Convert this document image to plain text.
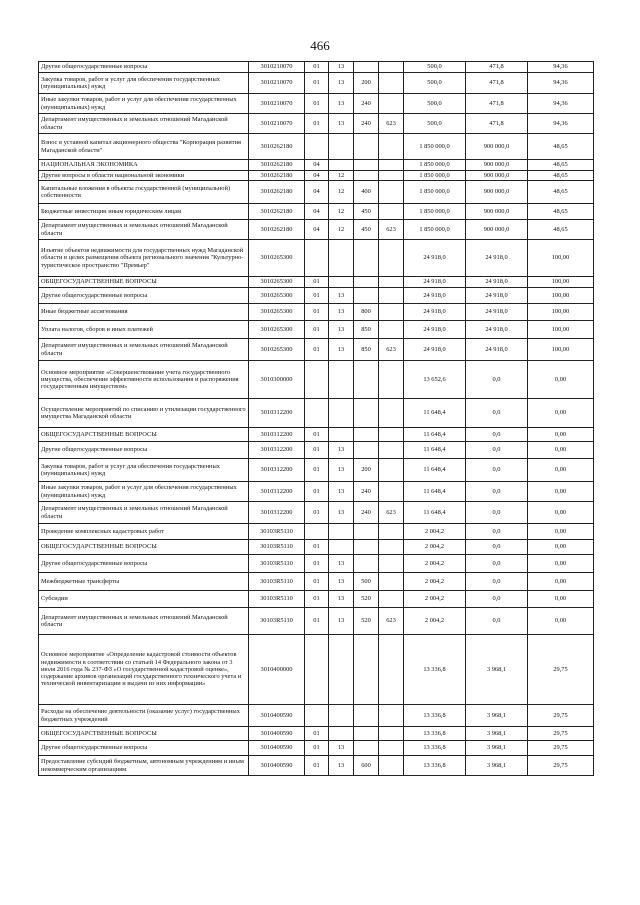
466
Другие общегосударственные вопросы	3010210070	01	13			500,0	471,8	94,36
Закупка товаров, работ и услуг для обеспечения государственных (муниципальных) нужд	3010210070	01	13	200		500,0	471,8	94,36
Иные закупки товаров, работ и услуг для обеспечения государственных (муниципальных) нужд	3010210070	01	13	240		500,0	471,8	94,36
Департамент имущественных и земельных отношений Магаданской области	3010210070	01	13	240	623	500,0	471,8	94,36
Взнос в уставной капитал акционерного общества "Корпорация развития Магаданской области"	3010262180					1 850 000,0	900 000,0	48,65
НАЦИОНАЛЬНАЯ ЭКОНОМИКА	3010262180	04				1 850 000,0	900 000,0	48,65
Другие вопросы в области национальной экономики	3010262180	04	12			1 850 000,0	900 000,0	48,65
Капитальные вложения в объекты государственной (муниципальной) собственности	3010262180	04	12	400		1 850 000,0	900 000,0	48,65
Бюджетные инвестиции иным юридическим лицам	3010262180	04	12	450		1 850 000,0	900 000,0	48,65
Департамент имущественных и земельных отношений Магаданской области	3010262180	04	12	450	623	1 850 000,0	900 000,0	48,65
Изъятие объектов недвижимости для государственных нужд Магаданской области в целях размещения объекта регионального значения "Культурно-туристическое пространство "Премьер"	3010265300					24 918,0	24 918,0	100,00
ОБЩЕГОСУДАРСТВЕННЫЕ ВОПРОСЫ	3010265300	01				24 918,0	24 918,0	100,00
Другие общегосударственные вопросы	3010265300	01	13			24 918,0	24 918,0	100,00
Иные бюджетные ассигнования	3010265300	01	13	800		24 918,0	24 918,0	100,00
Уплата налогов, сборов и иных платежей	3010265300	01	13	850		24 918,0	24 918,0	100,00
Департамент имущественных и земельных отношений Магаданской области	3010265300	01	13	850	623	24 918,0	24 918,0	100,00
Основное мероприятие «Совершенствование учета государственного имущества, обеспечение эффективности использования и распоряжения государственным имуществом»	3010300000					13 652,6	0,0	0,00
Осуществление мероприятий по списанию и утилизации государственного имущества Магаданской области	3010312200					11 648,4	0,0	0,00
ОБЩЕГОСУДАРСТВЕННЫЕ ВОПРОСЫ	3010312200	01				11 648,4	0,0	0,00
Другие общегосударственные вопросы	3010312200	01	13			11 648,4	0,0	0,00
Закупка товаров, работ и услуг для обеспечения государственных (муниципальных) нужд	3010312200	01	13	200		11 648,4	0,0	0,00
Иные закупки товаров, работ и услуг для обеспечения государственных (муниципальных) нужд	3010312200	01	13	240		11 648,4	0,0	0,00
Департамент имущественных и земельных отношений Магаданской области	3010312200	01	13	240	623	11 648,4	0,0	0,00
Проведение комплексных кадастровых работ	30103R5110					2 004,2	0,0	0,00
ОБЩЕГОСУДАРСТВЕННЫЕ ВОПРОСЫ	30103R5110	01				2 004,2	0,0	0,00
Другие общегосударственные вопросы	30103R5110	01	13			2 004,2	0,0	0,00
Межбюджетные трансферты	30103R5110	01	13	500		2 004,2	0,0	0,00
Субсидии	30103R5110	01	13	520		2 004,2	0,0	0,00
Департамент имущественных и земельных отношений Магаданской области	30103R5110	01	13	520	623	2 004,2	0,0	0,00
Основное мероприятие «Определение кадастровой стоимости объектов недвижимости в соответствии со статьей 14 Федерального закона от 3 июля 2016 года № 237-ФЗ «О государственной кадастровой оценке», содержание архивов организаций государственного технического учета и технической инвентаризации и выдачи из них информации»	3010400000					13 336,8	3 968,1	29,75
Расходы на обеспечение деятельности (оказание услуг) государственных бюджетных учреждений	3010400590					13 336,8	3 968,1	29,75
ОБЩЕГОСУДАРСТВЕННЫЕ ВОПРОСЫ	3010400590	01				13 336,8	3 968,1	29,75
Другие общегосударственные вопросы	3010400590	01	13			13 336,8	3 968,1	29,75
Предоставление субсидий бюджетным, автономным учреждениям и иным некоммерческим организациям	3010400590	01	13	600		13 336,8	3 968,1	29,75
